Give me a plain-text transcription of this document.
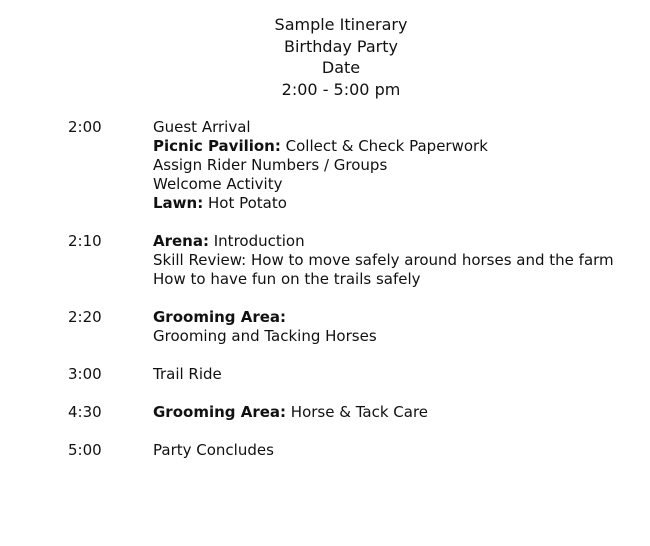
Sample Itinerary
Birthday Party
Date
2:00 - 5:00 pm
2:00	Guest Arrival
Picnic Pavilion: Collect & Check Paperwork
Assign Rider Numbers / Groups
Welcome Activity
Lawn: Hot Potato
2:10	Arena: Introduction
Skill Review: How to move safely around horses and the farm
How to have fun on the trails safely
2:20	Grooming Area:
Grooming and Tacking Horses
3:00	Trail Ride
4:30	Grooming Area: Horse & Tack Care
5:00	Party Concludes
